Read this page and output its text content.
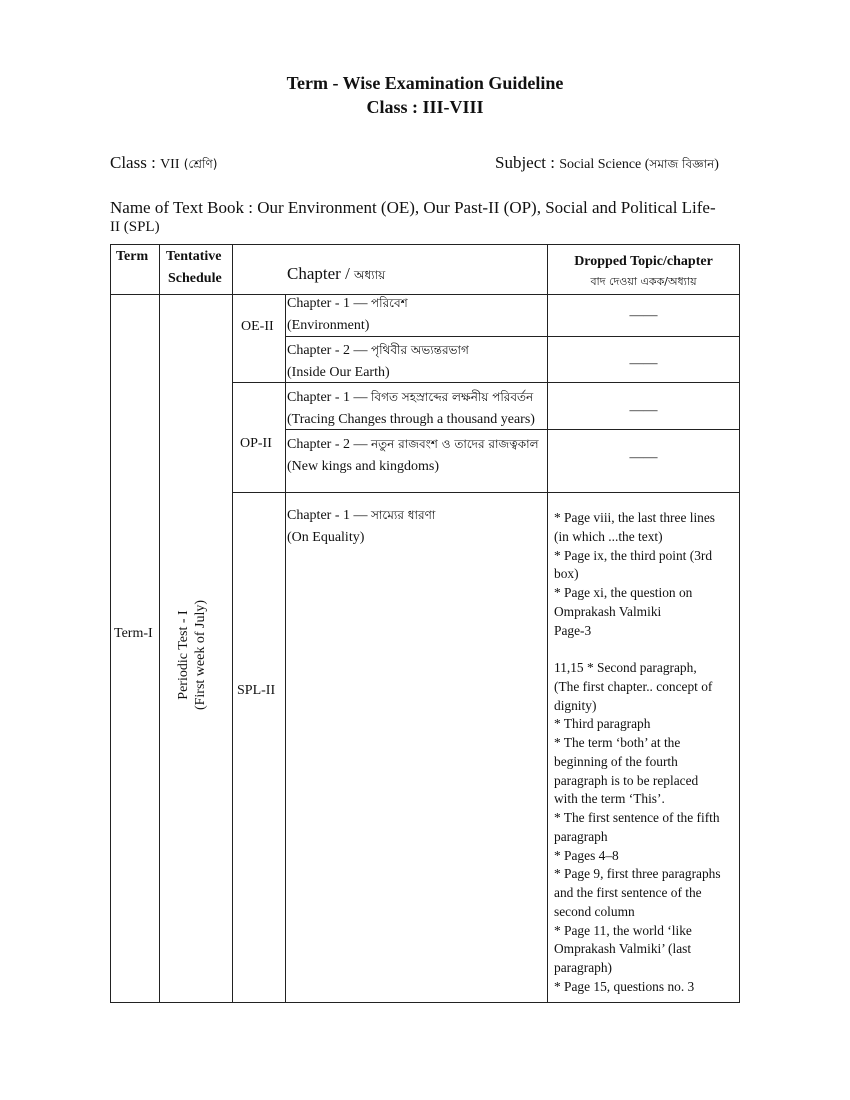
Term - Wise Examination Guideline
Class : III-VIII
Class : VII (শ্রেণি)	Subject : Social Science (সমাজ বিজ্ঞান)
Name of Text Book : Our Environment (OE), Our Past-II (OP), Social and Political Life-
II (SPL)
Term Tentative
Schedule	Chapter / অধ্যায়
Dropped Topic/chapter
বাদ দেওয়া একক/অধ্যায়
Term-I Periodic Test - I (First week of July)
OE-II
OP-II
SPL-II
Chapter - 1 — পরিবেশ
(Environment)
Chapter - 2 — পৃথিবীর অভ্যন্তরভাগ
(Inside Our Earth)
Chapter - 1 — বিগত সহস্রাব্দের লক্ষনীয় পরিবর্তন
(Tracing Changes through a thousand years)
Chapter - 2 — নতুন রাজবংশ ও তাদের রাজত্বকাল
(New kings and kingdoms)
Chapter - 1 — সাম্যের ধারণা
(On Equality)
——
——
——
——
* Page viii, the last three lines
(in which ...the text)
* Page ix, the third point (3rd
box)
* Page xi, the question on
Omprakash Valmiki
Page-3
11,15 * Second paragraph,
(The first chapter.. concept of
dignity)
* Third paragraph
* The term ‘both’ at the
beginning of the fourth
paragraph is to be replaced
with the term ‘This’.
* The first sentence of the fifth
paragraph
* Pages 4–8
* Page 9, first three paragraphs
and the first sentence of the
second column
* Page 11, the world ‘like
Omprakash Valmiki’ (last
paragraph)
* Page 15, questions no. 3
